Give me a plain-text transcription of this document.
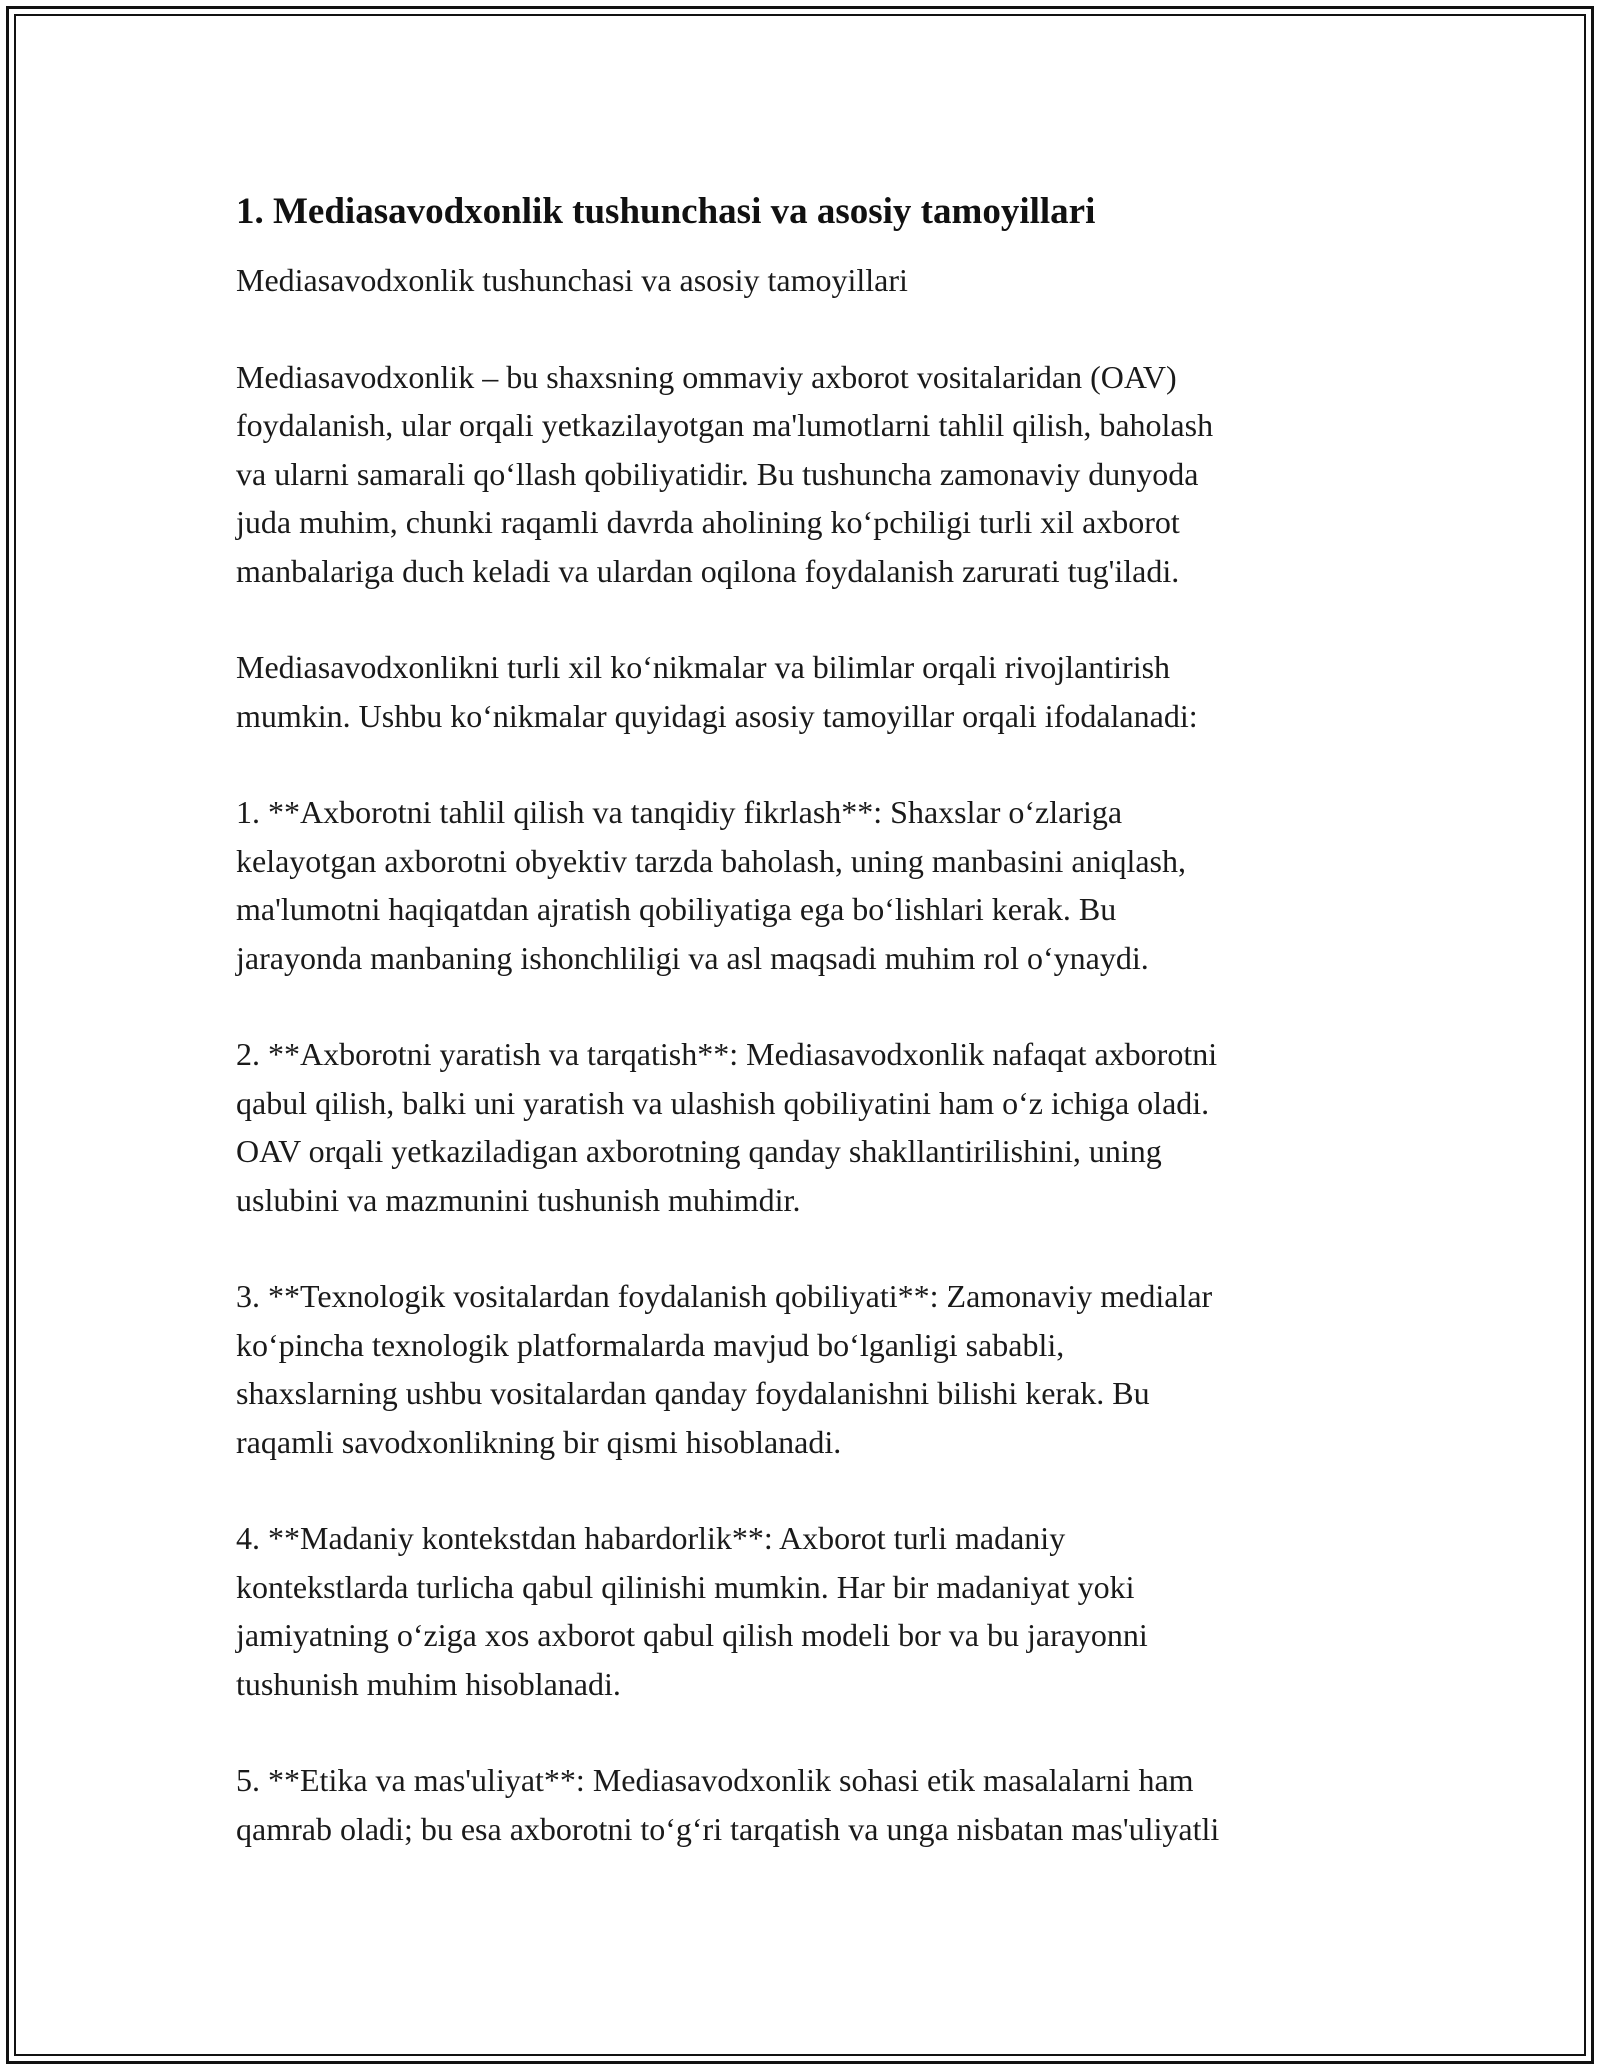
1. Mediasavodxonlik tushunchasi va asosiy tamoyillari

Mediasavodxonlik tushunchasi va asosiy tamoyillari

Mediasavodxonlik – bu shaxsning ommaviy axborot vositalaridan (OAV)
foydalanish, ular orqali yetkazilayotgan ma'lumotlarni tahlil qilish, baholash
va ularni samarali qo‘llash qobiliyatidir. Bu tushuncha zamonaviy dunyoda
juda muhim, chunki raqamli davrda aholining ko‘pchiligi turli xil axborot
manbalariga duch keladi va ulardan oqilona foydalanish zarurati tug'iladi.

Mediasavodxonlikni turli xil ko‘nikmalar va bilimlar orqali rivojlantirish
mumkin. Ushbu ko‘nikmalar quyidagi asosiy tamoyillar orqali ifodalanadi:

1. **Axborotni tahlil qilish va tanqidiy fikrlash**: Shaxslar o‘zlariga
kelayotgan axborotni obyektiv tarzda baholash, uning manbasini aniqlash,
ma'lumotni haqiqatdan ajratish qobiliyatiga ega bo‘lishlari kerak. Bu
jarayonda manbaning ishonchliligi va asl maqsadi muhim rol o‘ynaydi.

2. **Axborotni yaratish va tarqatish**: Mediasavodxonlik nafaqat axborotni
qabul qilish, balki uni yaratish va ulashish qobiliyatini ham o‘z ichiga oladi.
OAV orqali yetkaziladigan axborotning qanday shakllantirilishini, uning
uslubini va mazmunini tushunish muhimdir.

3. **Texnologik vositalardan foydalanish qobiliyati**: Zamonaviy medialar
ko‘pincha texnologik platformalarda mavjud bo‘lganligi sababli,
shaxslarning ushbu vositalardan qanday foydalanishni bilishi kerak. Bu
raqamli savodxonlikning bir qismi hisoblanadi.

4. **Madaniy kontekstdan habardorlik**: Axborot turli madaniy
kontekstlarda turlicha qabul qilinishi mumkin. Har bir madaniyat yoki
jamiyatning o‘ziga xos axborot qabul qilish modeli bor va bu jarayonni
tushunish muhim hisoblanadi.

5. **Etika va mas'uliyat**: Mediasavodxonlik sohasi etik masalalarni ham
qamrab oladi; bu esa axborotni to‘g‘ri tarqatish va unga nisbatan mas'uliyatli
